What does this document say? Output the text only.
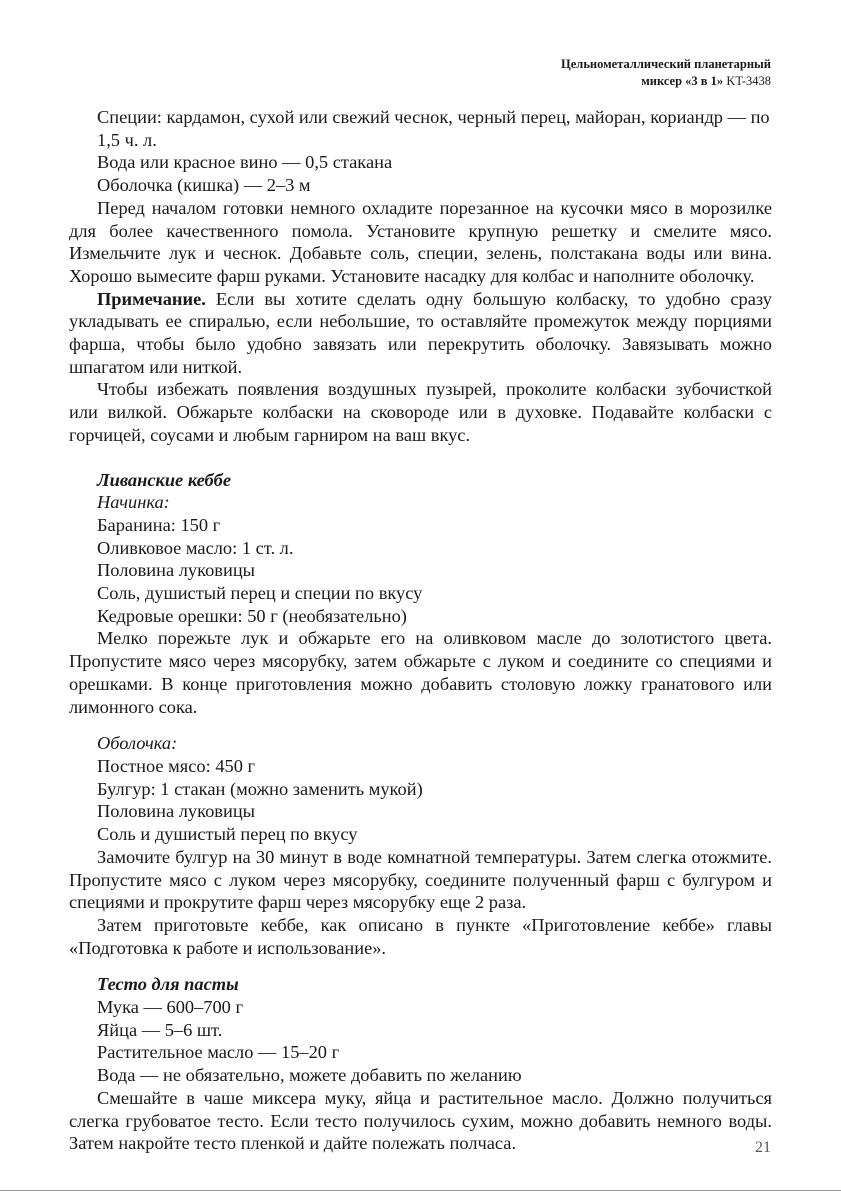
Цельнометаллический планетарный
миксер «3 в 1» KT-3438

Специи: кардамон, сухой или свежий чеснок, черный перец, майоран, кориандр — по 1,5 ч. л.

Вода или красное вино — 0,5 стакана

Оболочка (кишка) — 2–3 м

Перед началом готовки немного охладите порезанное на кусочки мясо в морозилке для более качественного помола. Установите крупную решетку и смелите мясо. Измельчите лук и чеснок. Добавьте соль, специи, зелень, полстакана воды или вина. Хорошо вымесите фарш руками. Установите насадку для колбас и наполните оболочку.

Примечание. Если вы хотите сделать одну большую колбаску, то удобно сразу укладывать ее спиралью, если небольшие, то оставляйте промежуток между порциями фарша, чтобы было удобно завязать или перекрутить оболочку. Завязывать можно шпагатом или ниткой.

Чтобы избежать появления воздушных пузырей, проколите колбаски зубочисткой или вилкой. Обжарьте колбаски на сковороде или в духовке. Подавайте колбаски с горчицей, соусами и любым гарниром на ваш вкус.

Ливанские кеббе

Начинка:

Баранина: 150 г

Оливковое масло: 1 ст. л.

Половина луковицы

Соль, душистый перец и специи по вкусу

Кедровые орешки: 50 г (необязательно)

Мелко порежьте лук и обжарьте его на оливковом масле до золотистого цвета. Пропустите мясо через мясорубку, затем обжарьте с луком и соедините со специями и орешками. В конце приготовления можно добавить столовую ложку гранатового или лимонного сока.

Оболочка:

Постное мясо: 450 г

Булгур: 1 стакан (можно заменить мукой)

Половина луковицы

Соль и душистый перец по вкусу

Замочите булгур на 30 минут в воде комнатной температуры. Затем слегка отожмите. Пропустите мясо с луком через мясорубку, соедините полученный фарш с булгуром и специями и прокрутите фарш через мясорубку еще 2 раза.

Затем приготовьте кеббе, как описано в пункте «Приготовление кеббе» главы «Подготовка к работе и использование».

Тесто для пасты

Мука — 600–700 г

Яйца — 5–6 шт.

Растительное масло — 15–20 г

Вода — не обязательно, можете добавить по желанию

Смешайте в чаше миксера муку, яйца и растительное масло. Должно получиться слегка грубоватое тесто. Если тесто получилось сухим, можно добавить немного воды. Затем накройте тесто пленкой и дайте полежать полчаса.	21
